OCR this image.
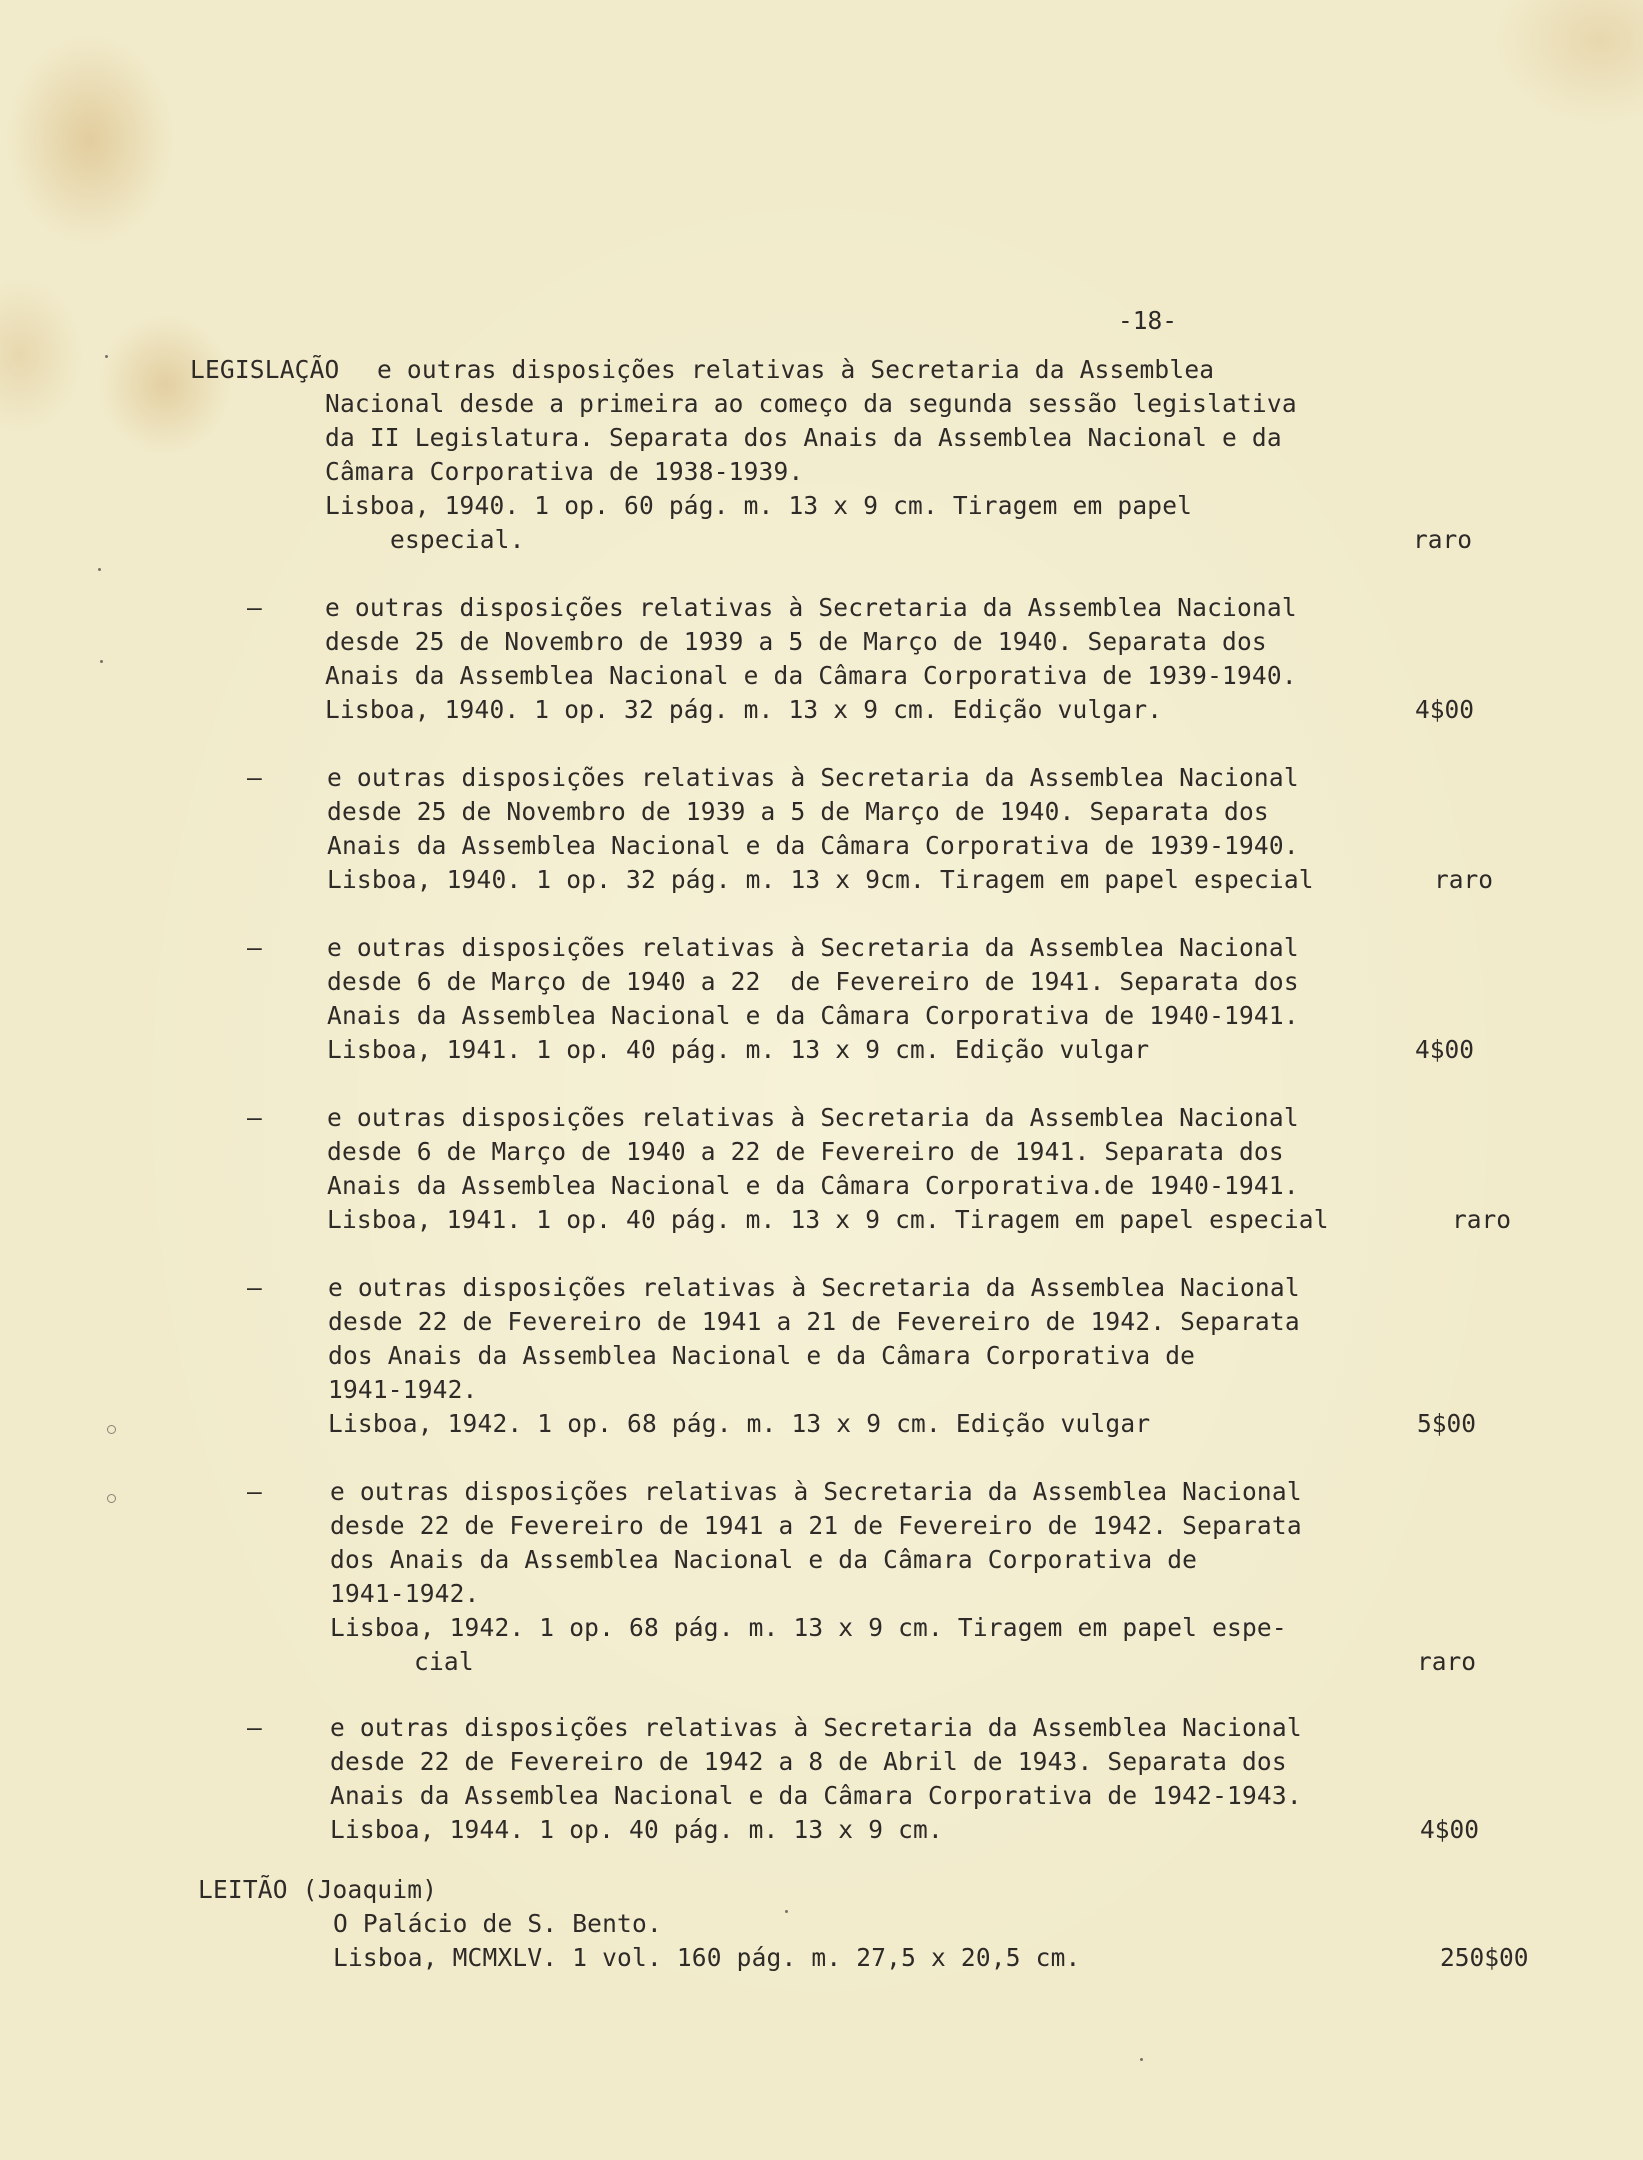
-18-
LEGISLAÇÃO e outras disposições relativas à Secretaria da Assemblea
Nacional desde a primeira ao começo da segunda sessão legislativa
da II Legislatura. Separata dos Anais da Assemblea Nacional e da
Câmara Corporativa de 1938-1939.
Lisboa, 1940. 1 op. 60 pág. m. 13 x 9 cm. Tiragem em papel
especial.	raro
–	e outras disposições relativas à Secretaria da Assemblea Nacional
desde 25 de Novembro de 1939 a 5 de Março de 1940. Separata dos
Anais da Assemblea Nacional e da Câmara Corporativa de 1939-1940.
Lisboa, 1940. 1 op. 32 pág. m. 13 x 9 cm. Edição vulgar.	4$00
–	e outras disposições relativas à Secretaria da Assemblea Nacional
desde 25 de Novembro de 1939 a 5 de Março de 1940. Separata dos
Anais da Assemblea Nacional e da Câmara Corporativa de 1939-1940.
Lisboa, 1940. 1 op. 32 pág. m. 13 x 9cm. Tiragem em papel especial	raro
–	e outras disposições relativas à Secretaria da Assemblea Nacional
desde 6 de Março de 1940 a 22  de Fevereiro de 1941. Separata dos
Anais da Assemblea Nacional e da Câmara Corporativa de 1940-1941.
Lisboa, 1941. 1 op. 40 pág. m. 13 x 9 cm. Edição vulgar	4$00
–	e outras disposições relativas à Secretaria da Assemblea Nacional
desde 6 de Março de 1940 a 22 de Fevereiro de 1941. Separata dos
Anais da Assemblea Nacional e da Câmara Corporativa.de 1940-1941.
Lisboa, 1941. 1 op. 40 pág. m. 13 x 9 cm. Tiragem em papel especial	raro
–	e outras disposições relativas à Secretaria da Assemblea Nacional
desde 22 de Fevereiro de 1941 a 21 de Fevereiro de 1942. Separata
dos Anais da Assemblea Nacional e da Câmara Corporativa de
1941-1942.
Lisboa, 1942. 1 op. 68 pág. m. 13 x 9 cm. Edição vulgar	5$00
–	e outras disposições relativas à Secretaria da Assemblea Nacional
desde 22 de Fevereiro de 1941 a 21 de Fevereiro de 1942. Separata
dos Anais da Assemblea Nacional e da Câmara Corporativa de
1941-1942.
Lisboa, 1942. 1 op. 68 pág. m. 13 x 9 cm. Tiragem em papel espe-
cial	raro
–	e outras disposições relativas à Secretaria da Assemblea Nacional
desde 22 de Fevereiro de 1942 a 8 de Abril de 1943. Separata dos
Anais da Assemblea Nacional e da Câmara Corporativa de 1942-1943.
Lisboa, 1944. 1 op. 40 pág. m. 13 x 9 cm.	4$00
LEITÃO (Joaquim)
O Palácio de S. Bento.
Lisboa, MCMXLV. 1 vol. 160 pág. m. 27,5 x 20,5 cm.	250$00
